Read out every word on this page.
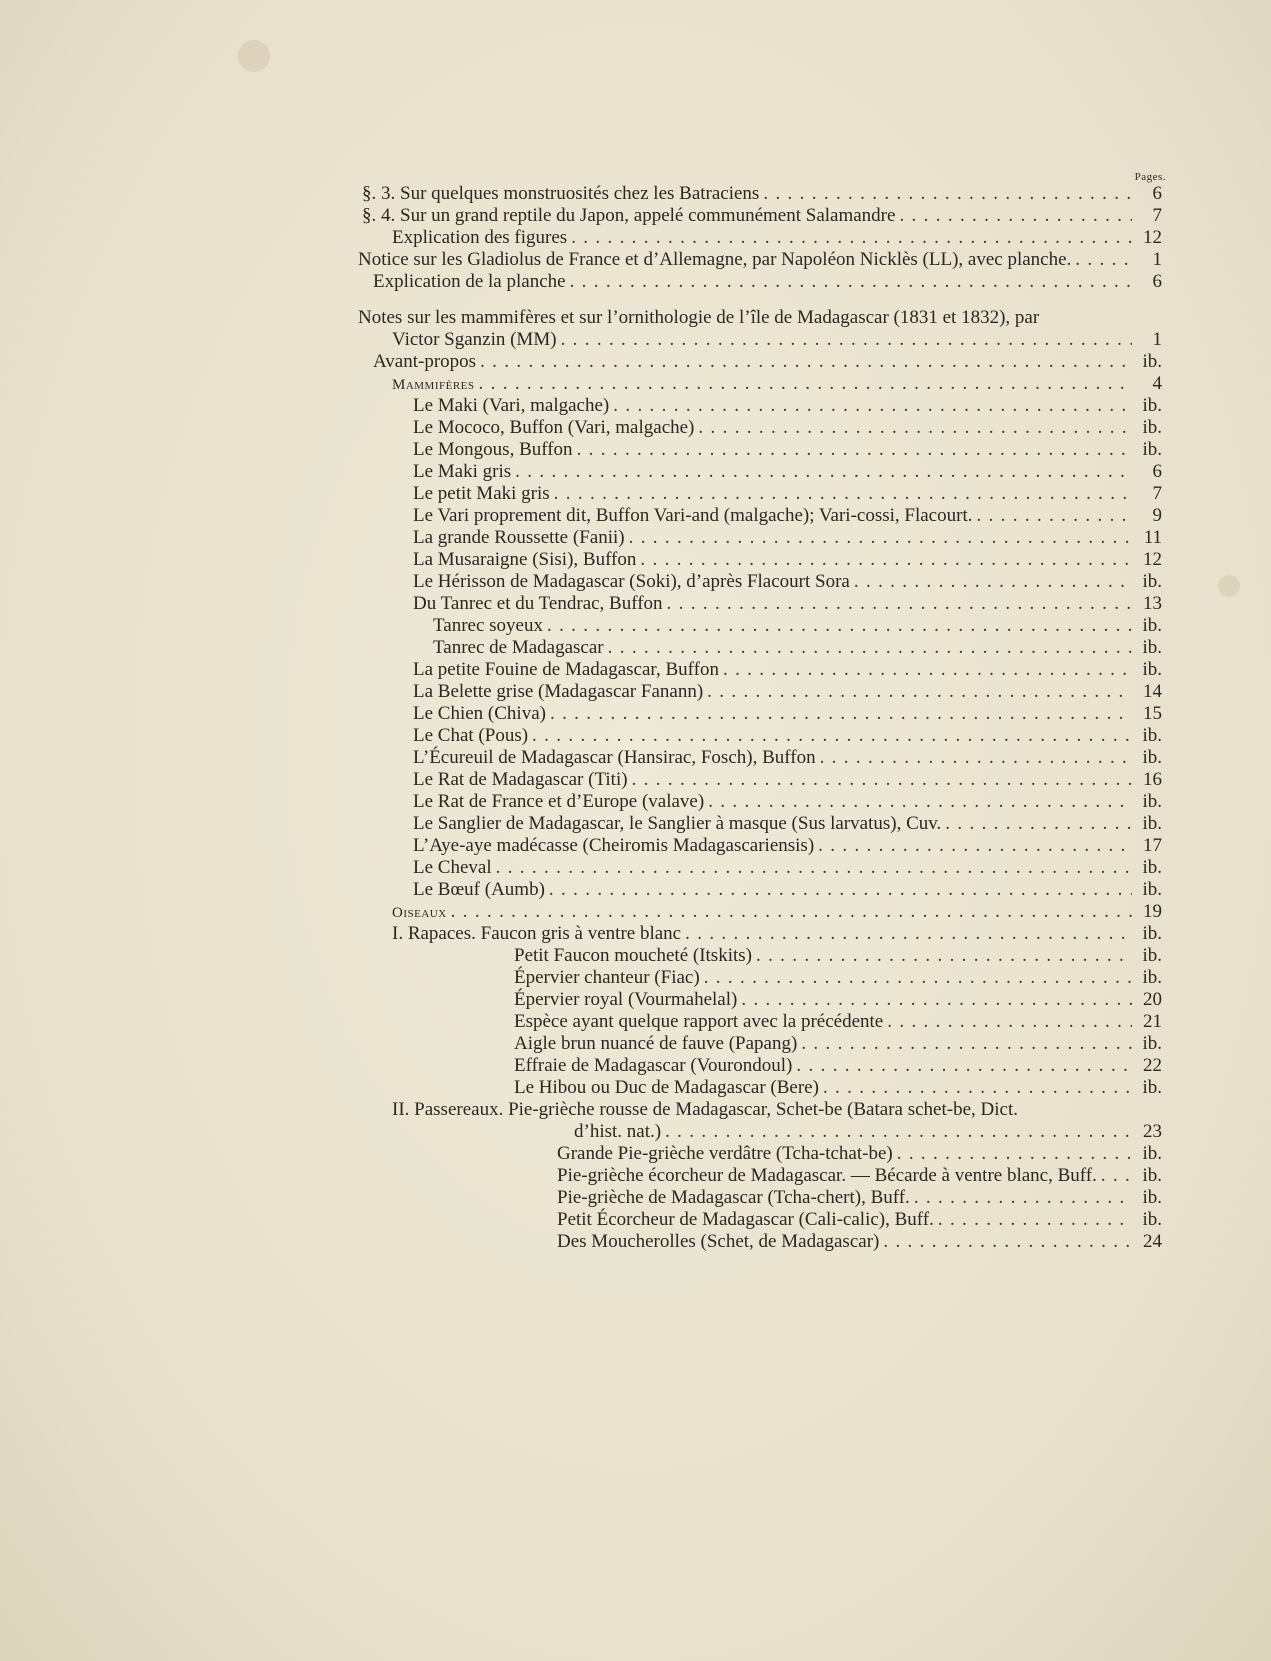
Pages.
§. 3. Sur quelques monstruosités chez les Batraciens . . .	6
§. 4. Sur un grand reptile du Japon, appelé communément Salamandre . . .	7
Explication des figures . . .	12
Notice sur les Gladiolus de France et d’Allemagne, par Napoléon Nicklès (LL), avec planche. . . .	1
Explication de la planche . . .	6
Notes sur les mammifères et sur l’ornithologie de l’île de Madagascar (1831 et 1832), par
Victor Sganzin (MM) . . .	1
Avant-propos . . .	ib.
Mammifères . . .	4
Le Maki (Vari, malgache) . . .	ib.
Le Mococo, Buffon (Vari, malgache) . . .	ib.
Le Mongous, Buffon . . .	ib.
Le Maki gris . . .	6
Le petit Maki gris . . .	7
Le Vari proprement dit, Buffon Vari-and (malgache); Vari-cossi, Flacourt. . . .	9
La grande Roussette (Fanii) . . .	11
La Musaraigne (Sisi), Buffon . . .	12
Le Hérisson de Madagascar (Soki), d’après Flacourt Sora . . .	ib.
Du Tanrec et du Tendrac, Buffon . . .	13
Tanrec soyeux . . .	ib.
Tanrec de Madagascar . . .	ib.
La petite Fouine de Madagascar, Buffon . . .	ib.
La Belette grise (Madagascar Fanann) . . .	14
Le Chien (Chiva) . . .	15
Le Chat (Pous) . . .	ib.
L’Écureuil de Madagascar (Hansirac, Fosch), Buffon . . .	ib.
Le Rat de Madagascar (Titi) . . .	16
Le Rat de France et d’Europe (valave) . . .	ib.
Le Sanglier de Madagascar, le Sanglier à masque (Sus larvatus), Cuv. . . .	ib.
L’Aye-aye madécasse (Cheiromis Madagascariensis) . . .	17
Le Cheval . . .	ib.
Le Bœuf (Aumb) . . .	ib.
Oiseaux . . .	19
I. Rapaces. Faucon gris à ventre blanc . . .	ib.
Petit Faucon moucheté (Itskits) . . .	ib.
Épervier chanteur (Fiac) . . .	ib.
Épervier royal (Vourmahelal) . . .	20
Espèce ayant quelque rapport avec la précédente . . .	21
Aigle brun nuancé de fauve (Papang) . . .	ib.
Effraie de Madagascar (Vourondoul) . . .	22
Le Hibou ou Duc de Madagascar (Bere) . . .	ib.
II. Passereaux. Pie-grièche rousse de Madagascar, Schet-be (Batara schet-be, Dict.
d’hist. nat.) . . .	23
Grande Pie-grièche verdâtre (Tcha-tchat-be) . . .	ib.
Pie-grièche écorcheur de Madagascar. — Bécarde à ventre blanc, Buff. . . .	ib.
Pie-grièche de Madagascar (Tcha-chert), Buff. . . .	ib.
Petit Écorcheur de Madagascar (Cali-calic), Buff. . . .	ib.
Des Moucherolles (Schet, de Madagascar) . . .	24
